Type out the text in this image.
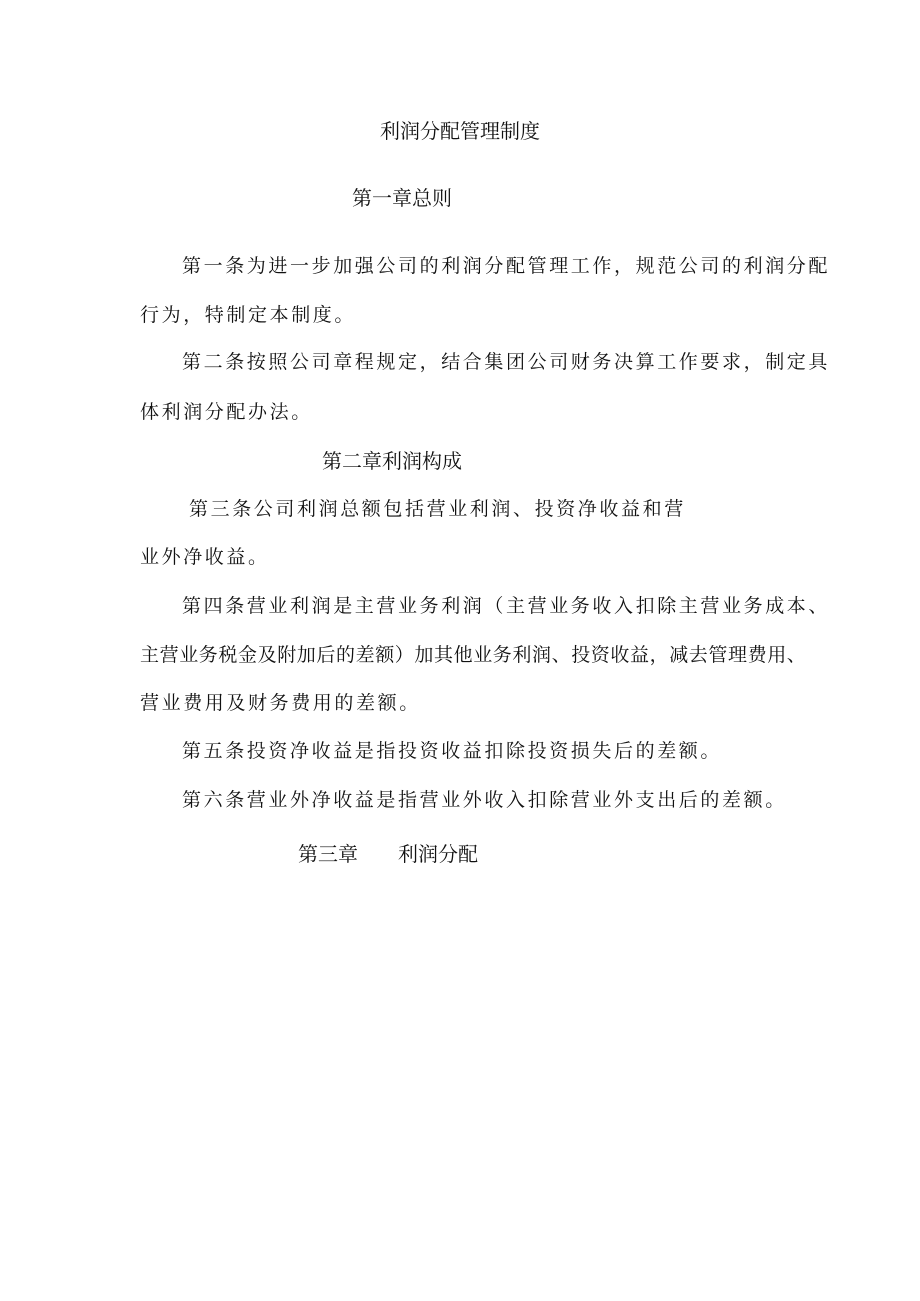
利润分配管理制度
第一章总则
第一条为进一步加强公司的利润分配管理工作，规范公司的利润分配
行为，特制定本制度。
第二条按照公司章程规定，结合集团公司财务决算工作要求，制定具
体利润分配办法。
第二章利润构成
第三条公司利润总额包括营业利润、投资净收益和营
业外净收益。
第四条营业利润是主营业务利润（主营业务收入扣除主营业务成本、
主营业务税金及附加后的差额）加其他业务利润、投资收益，减去管理费用、
营业费用及财务费用的差额。
第五条投资净收益是指投资收益扣除投资损失后的差额。
第六条营业外净收益是指营业外收入扣除营业外支出后的差额。
第三章 利润分配
